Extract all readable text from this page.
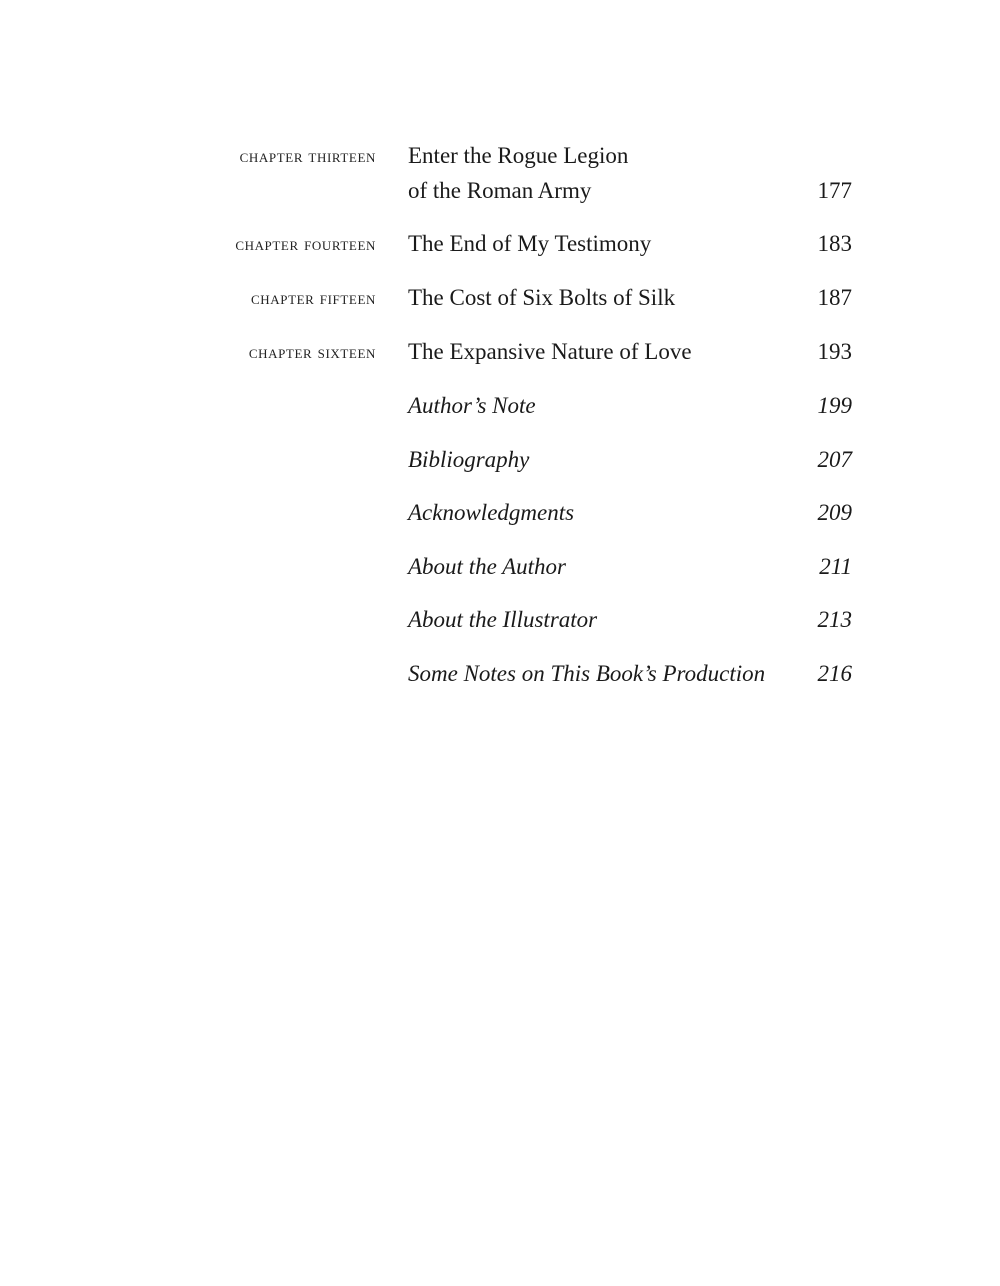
chapter thirteen Enter the Rogue Legion
of the Roman Army	177
chapter fourteen The End of My Testimony	183
chapter fifteen The Cost of Six Bolts of Silk	187
chapter sixteen The Expansive Nature of Love	193
Author’s Note	199
Bibliography	207
Acknowledgments	209
About the Author	211
About the Illustrator	213
Some Notes on This Book’s Production 216
